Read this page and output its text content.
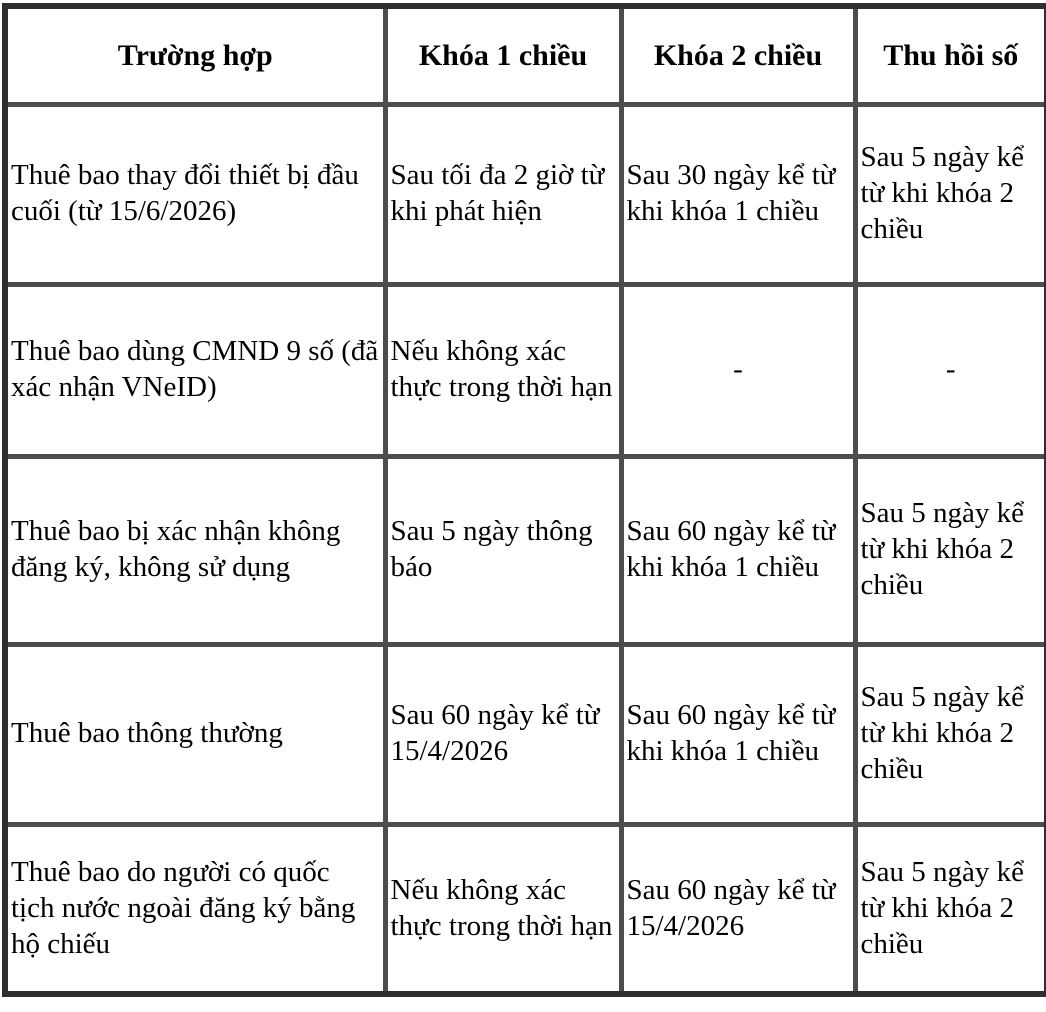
Trường hợp	Khóa 1 chiều	Khóa 2 chiều	Thu hồi số
Thuê bao thay đổi thiết bị đầu cuối (từ 15/6/2026)	Sau tối đa 2 giờ từ khi phát hiện	Sau 30 ngày kể từ khi khóa 1 chiều	Sau 5 ngày kể từ khi khóa 2 chiều
Thuê bao dùng CMND 9 số (đã xác nhận VNeID)	Nếu không xác thực trong thời hạn	-	-
Thuê bao bị xác nhận không đăng ký, không sử dụng	Sau 5 ngày thông báo	Sau 60 ngày kể từ khi khóa 1 chiều	Sau 5 ngày kể từ khi khóa 2 chiều
Thuê bao thông thường	Sau 60 ngày kể từ 15/4/2026	Sau 60 ngày kể từ khi khóa 1 chiều	Sau 5 ngày kể từ khi khóa 2 chiều
Thuê bao do người có quốc tịch nước ngoài đăng ký bằng hộ chiếu	Nếu không xác thực trong thời hạn	Sau 60 ngày kể từ 15/4/2026	Sau 5 ngày kể từ khi khóa 2 chiều
